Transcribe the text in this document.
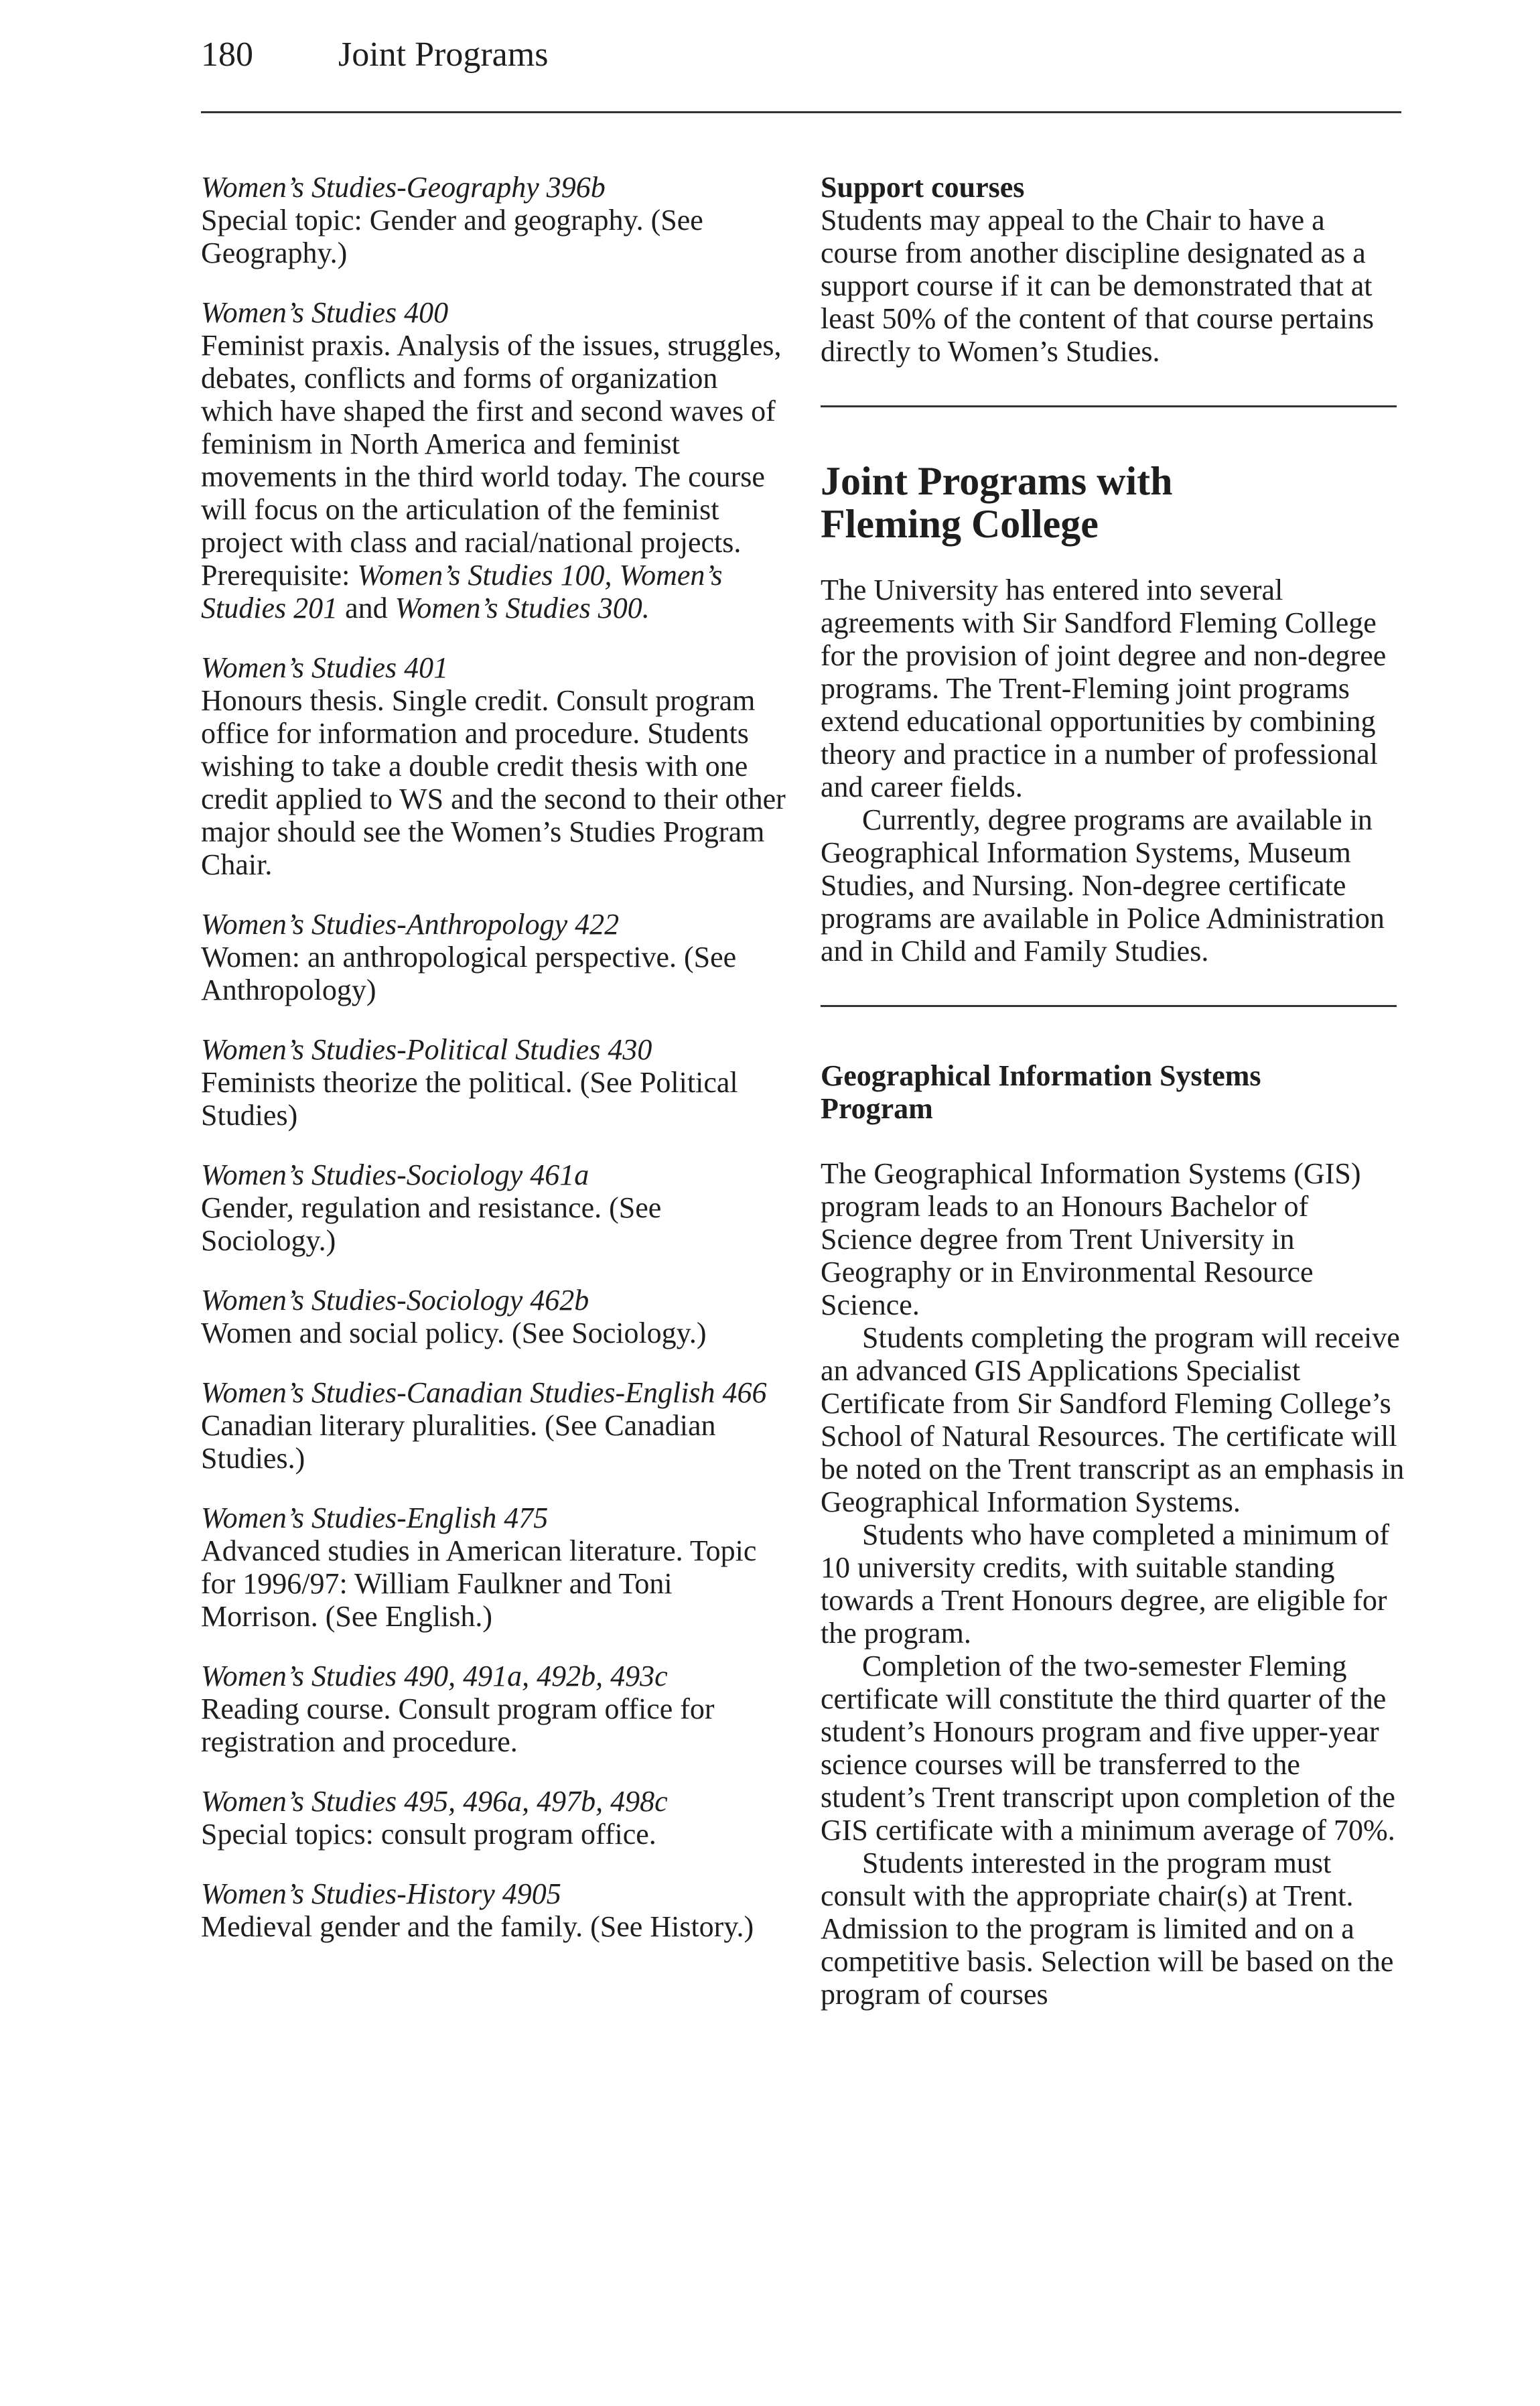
180 Joint Programs
Women’s Studies-Geography 396b
Special topic: Gender and geography. (See Geography.)
Women’s Studies 400
Feminist praxis. Analysis of the issues, struggles, debates, conflicts and forms of organization which have shaped the first and second waves of feminism in North America and feminist movements in the third world today. The course will focus on the articulation of the feminist project with class and racial/national projects. Prerequisite: Women’s Studies 100, Women’s Studies 201 and Women’s Studies 300.
Women’s Studies 401
Honours thesis. Single credit. Consult program office for information and procedure. Students wishing to take a double credit thesis with one credit applied to WS and the second to their other major should see the Women’s Studies Program Chair.
Women’s Studies-Anthropology 422
Women: an anthropological perspective. (See Anthropology)
Women’s Studies-Political Studies 430
Feminists theorize the political. (See Political Studies)
Women’s Studies-Sociology 461a
Gender, regulation and resistance. (See Sociology.)
Women’s Studies-Sociology 462b
Women and social policy. (See Sociology.)
Women’s Studies-Canadian Studies-English 466
Canadian literary pluralities. (See Canadian Studies.)
Women’s Studies-English 475
Advanced studies in American literature. Topic for 1996/97: William Faulkner and Toni Morrison. (See English.)
Women’s Studies 490, 491a, 492b, 493c
Reading course. Consult program office for registration and procedure.
Women’s Studies 495, 496a, 497b, 498c
Special topics: consult program office.
Women’s Studies-History 4905
Medieval gender and the family. (See History.)
Support courses
Students may appeal to the Chair to have a course from another discipline designated as a support course if it can be demonstrated that at least 50% of the content of that course pertains directly to Women’s Studies.
Joint Programs with
Fleming College
The University has entered into several agreements with Sir Sandford Fleming College for the provision of joint degree and non-degree programs. The Trent-Fleming joint programs extend educational opportunities by combining theory and practice in a number of professional and career fields.
Currently, degree programs are available in Geographical Information Systems, Museum Studies, and Nursing. Non-degree certificate programs are available in Police Administration and in Child and Family Studies.
Geographical Information Systems
Program
The Geographical Information Systems (GIS) program leads to an Honours Bachelor of Science degree from Trent University in Geography or in Environmental Resource Science.
Students completing the program will receive an advanced GIS Applications Specialist Certificate from Sir Sandford Fleming College’s School of Natural Resources. The certificate will be noted on the Trent transcript as an emphasis in Geographical Information Systems.
Students who have completed a minimum of 10 university credits, with suitable standing towards a Trent Honours degree, are eligible for the program.
Completion of the two-semester Fleming certificate will constitute the third quarter of the student’s Honours program and five upper-year science courses will be transferred to the student’s Trent transcript upon completion of the GIS certificate with a minimum average of 70%.
Students interested in the program must consult with the appropriate chair(s) at Trent. Admission to the program is limited and on a competitive basis. Selection will be based on the program of courses
